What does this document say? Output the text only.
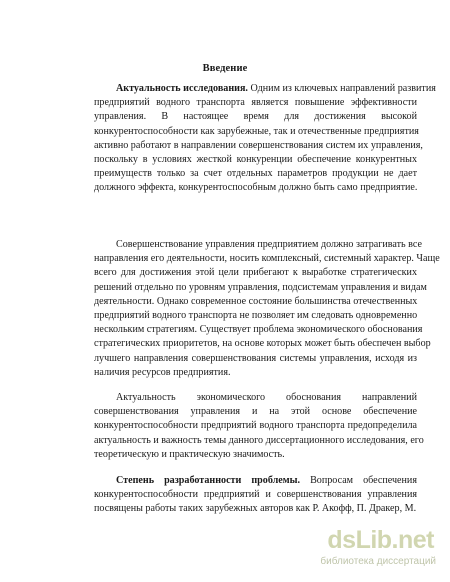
Введение
Актуальность исследования. Одним из ключевых направлений развития
предприятий водного транспорта является повышение эффективности
управления. В настоящее время для достижения высокой
конкурентоспособности как зарубежные, так и отечественные предприятия
активно работают в направлении совершенствования систем их управления,
поскольку в условиях жесткой конкуренции обеспечение конкурентных
преимуществ только за счет отдельных параметров продукции не дает
должного эффекта, конкурентоспособным должно быть само предприятие.
Совершенствование управления предприятием должно затрагивать все
направления его деятельности, носить комплексный, системный характер. Чаще
всего для достижения этой цели прибегают к выработке стратегических
решений отдельно по уровням управления, подсистемам управления и видам
деятельности. Однако современное состояние большинства отечественных
предприятий водного транспорта не позволяет им следовать одновременно
нескольким стратегиям. Существует проблема экономического обоснования
стратегических приоритетов, на основе которых может быть обеспечен выбор
лучшего направления совершенствования системы управления, исходя из
наличия ресурсов предприятия.
Актуальность экономического обоснования направлений
совершенствования управления и на этой основе обеспечение
конкурентоспособности предприятий водного транспорта предопределила
актуальность и важность темы данного диссертационного исследования, его
теоретическую и практическую значимость.
Степень разработанности проблемы. Вопросам обеспечения
конкурентоспособности предприятий и совершенствования управления
посвящены работы таких зарубежных авторов как Р. Акофф, П. Дракер, М.
dsLib.net
библиотека диссертаций
